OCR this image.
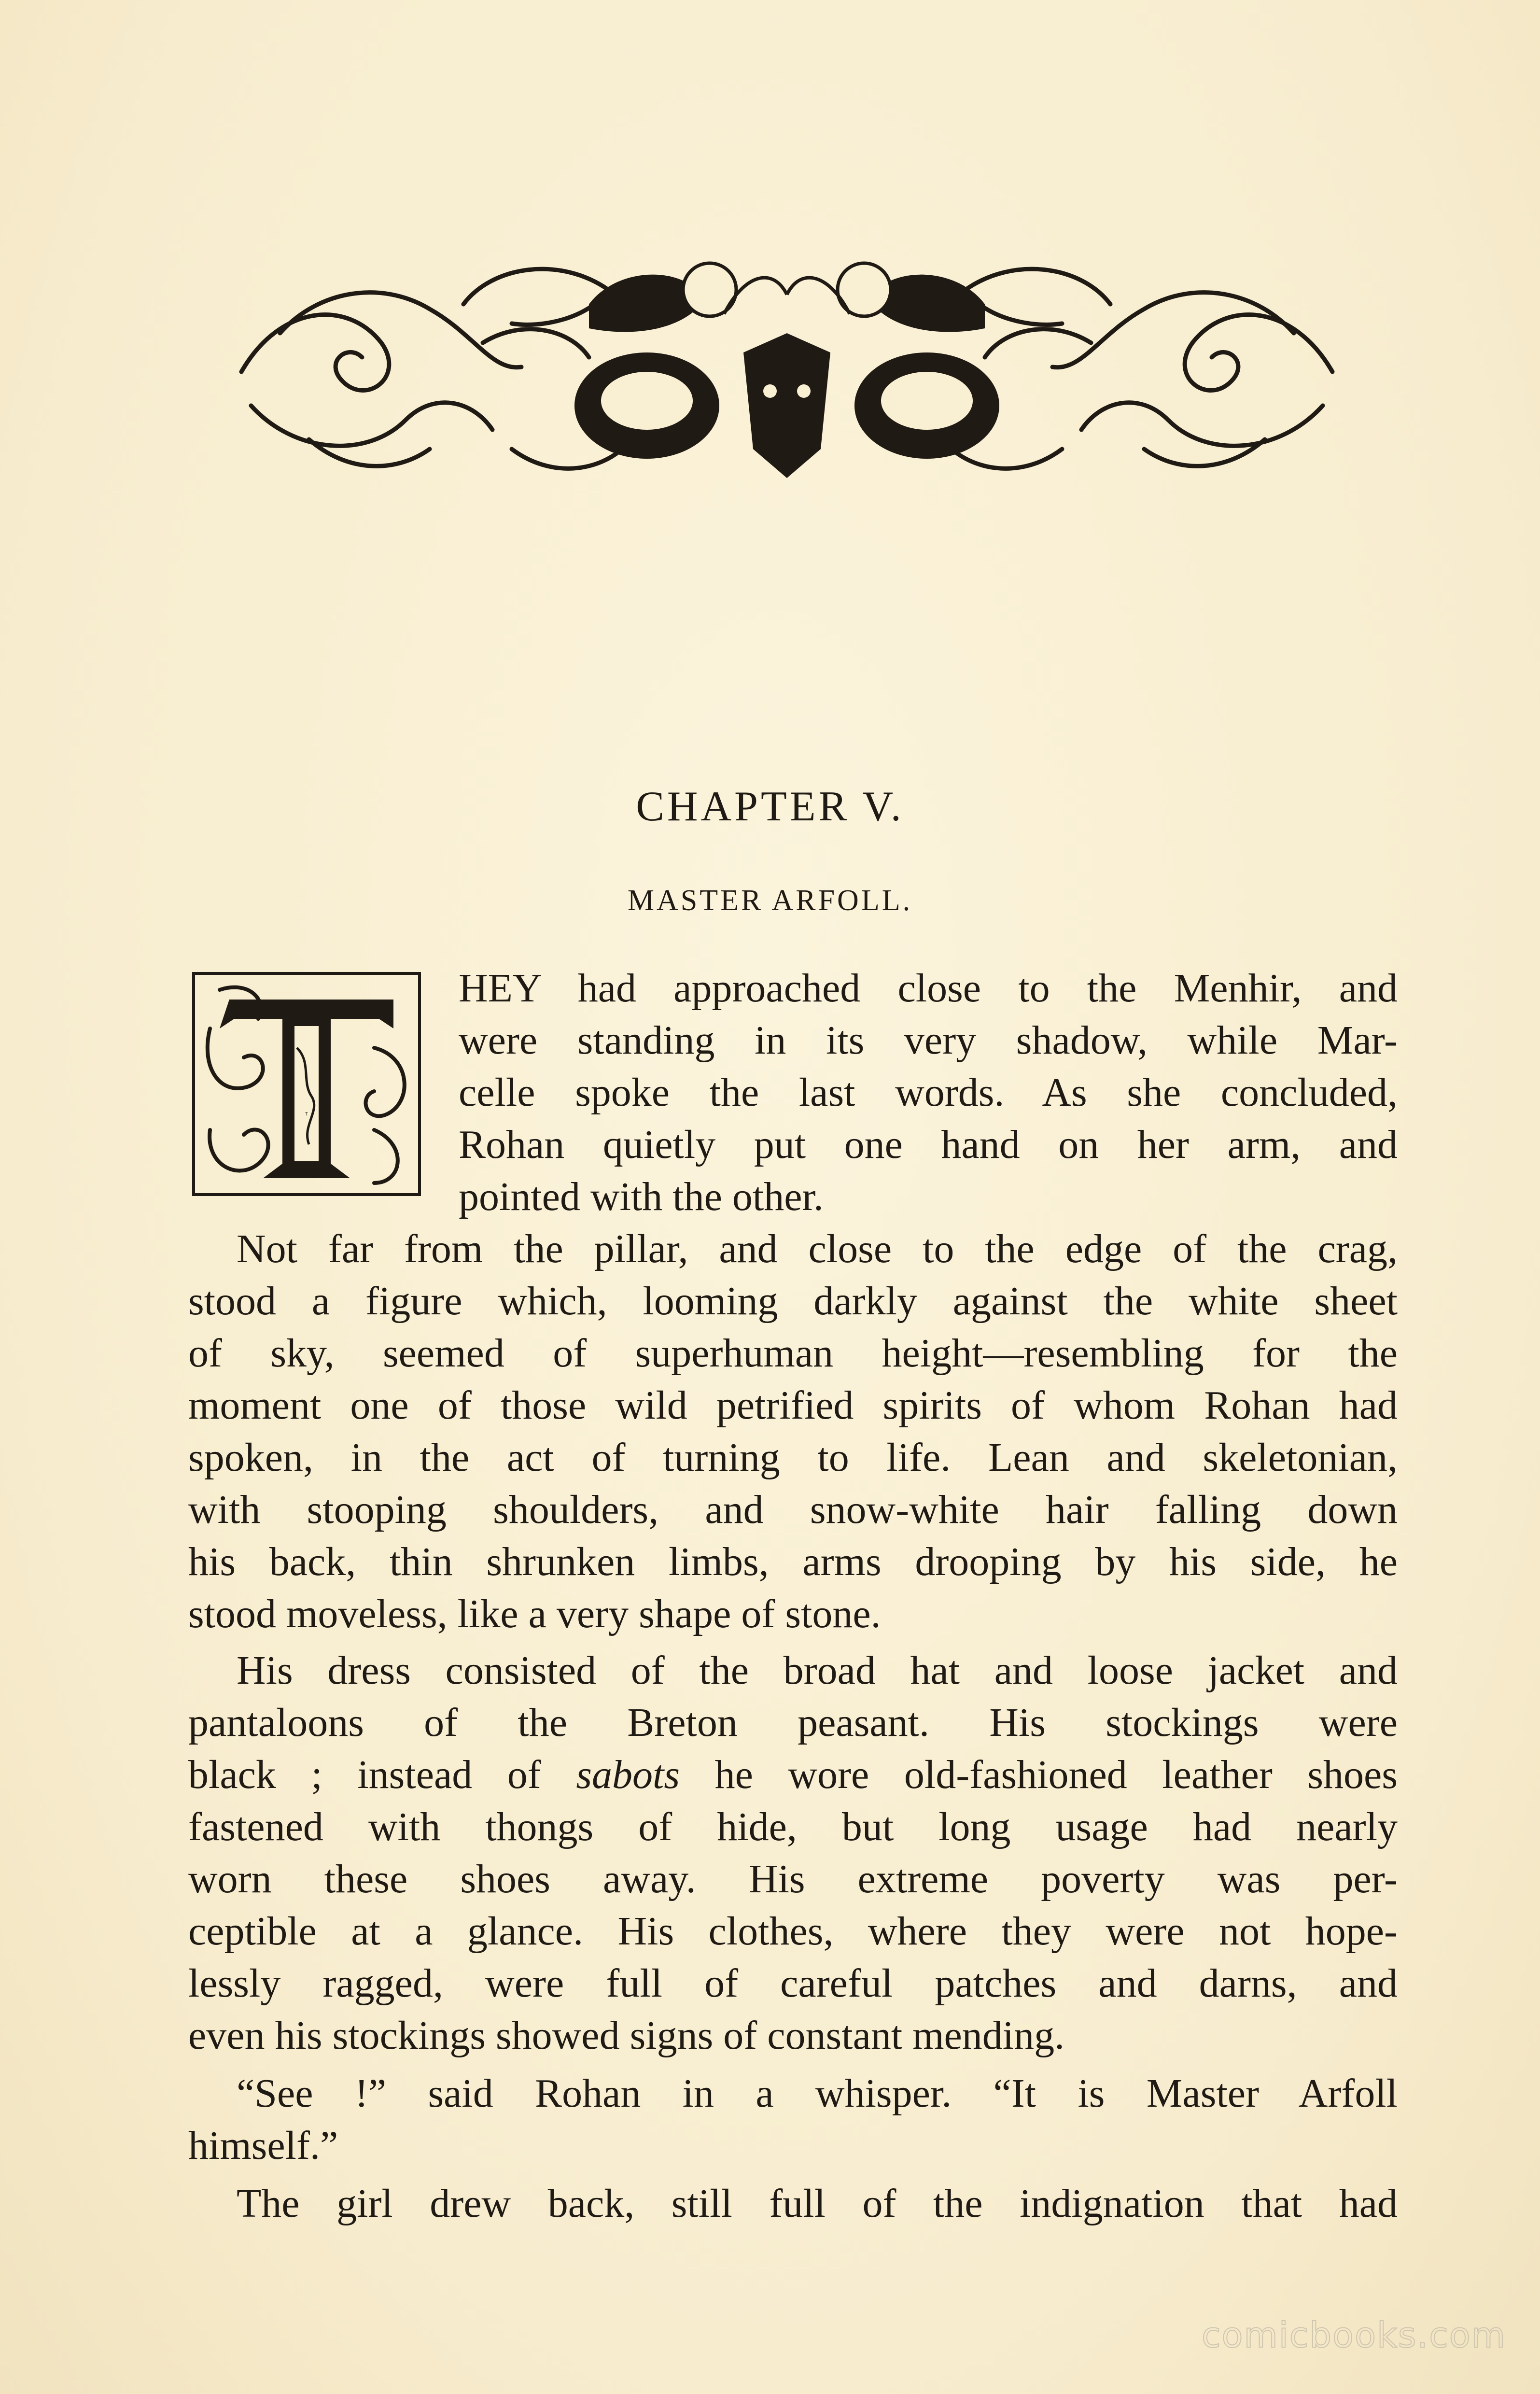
CHAPTER V.
MASTER ARFOLL.
T

HEY had approached close to the Menhir, and

were standing in its very shadow, while Mar-

celle spoke the last words. As she concluded,

Rohan quietly put one hand on her arm, and

pointed with the other.

Not far from the pillar, and close to the edge of the crag,

stood a figure which, looming darkly against the white sheet

of sky, seemed of superhuman height—resembling for the

moment one of those wild petrified spirits of whom Rohan had

spoken, in the act of turning to life. Lean and skeletonian,

with stooping shoulders, and snow-white hair falling down

his back, thin shrunken limbs, arms drooping by his side, he

stood moveless, like a very shape of stone.

His dress consisted of the broad hat and loose jacket and

pantaloons of the Breton peasant. His stockings were

black ; instead of sabots he wore old-fashioned leather shoes

fastened with thongs of hide, but long usage had nearly

worn these shoes away. His extreme poverty was per-

ceptible at a glance. His clothes, where they were not hope-

lessly ragged, were full of careful patches and darns, and

even his stockings showed signs of constant mending.

“See !” said Rohan in a whisper. “It is Master Arfoll

himself.”

The girl drew back, still full of the indignation that had

comicbooks.com
